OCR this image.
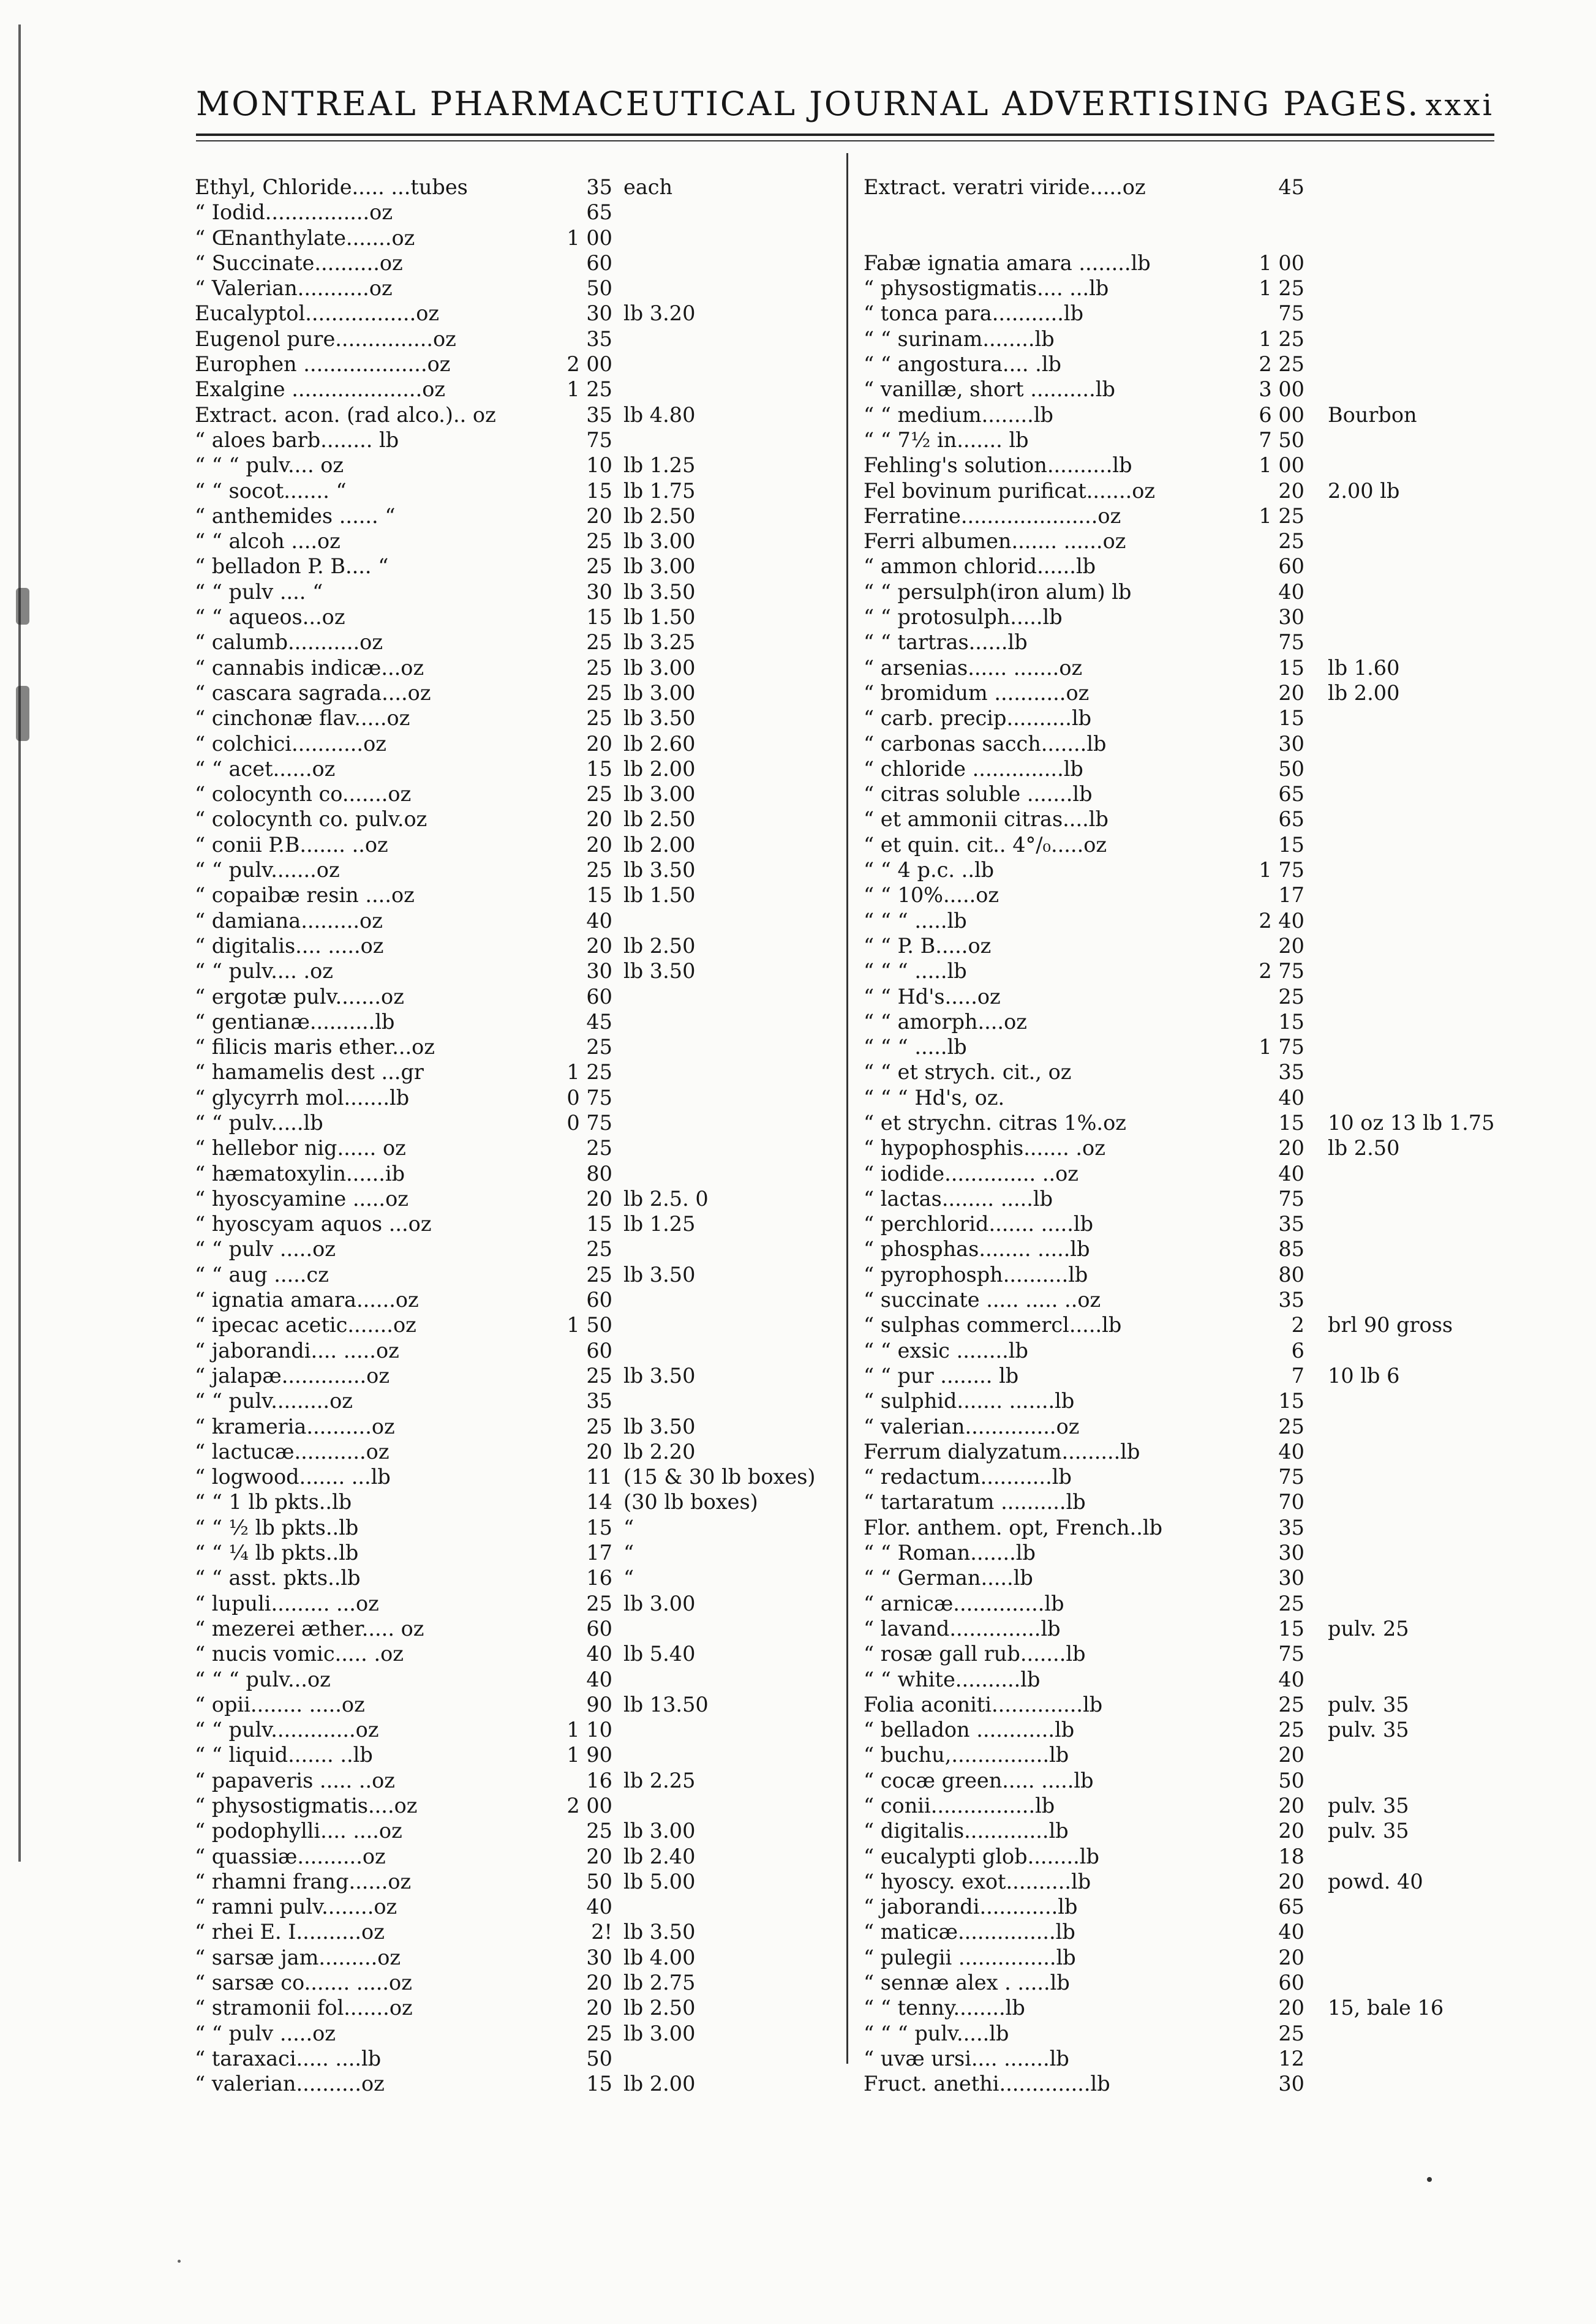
MONTREAL PHARMACEUTICAL JOURNAL ADVERTISING PAGES. xxxi
Ethyl, Chloride..... ...tubes	35 each
“ Iodid................oz	65
“ Œnanthylate.......oz	1 00
“ Succinate..........oz	60
“ Valerian...........oz	50
Eucalyptol.................oz	30 lb 3.20
Eugenol pure...............oz	35
Europhen ...................oz	2 00
Exalgine ....................oz	1 25
Extract. acon. (rad alco.).. oz	35 lb 4.80
“ aloes barb........ lb	75
“ “ “ pulv.... oz	10 lb 1.25
“ “ socot....... “	15 lb 1.75
“ anthemides ...... “	20 lb 2.50
“ “ alcoh ....oz	25 lb 3.00
“ belladon P. B.... “	25 lb 3.00
“ “ pulv .... “	30 lb 3.50
“ “ aqueos...oz	15 lb 1.50
“ calumb...........oz	25 lb 3.25
“ cannabis indicæ...oz	25 lb 3.00
“ cascara sagrada....oz	25 lb 3.00
“ cinchonæ flav.....oz	25 lb 3.50
“ colchici...........oz	20 lb 2.60
“ “ acet......oz	15 lb 2.00
“ colocynth co.......oz	25 lb 3.00
“ colocynth co. pulv.oz	20 lb 2.50
“ conii P.B....... ..oz	20 lb 2.00
“ “ pulv.......oz	25 lb 3.50
“ copaibæ resin ....oz	15 lb 1.50
“ damiana.........oz	40
“ digitalis.... .....oz	20 lb 2.50
“ “ pulv.... .oz	30 lb 3.50
“ ergotæ pulv.......oz	60
“ gentianæ..........lb	45
“ filicis maris ether...oz	25
“ hamamelis dest ...gr	1 25
“ glycyrrh mol.......lb	0 75
“ “ pulv.....lb	0 75
“ hellebor nig...... oz	25
“ hæmatoxylin......ib	80
“ hyoscyamine .....oz	20 lb 2.5. 0
“ hyoscyam aquos ...oz	15 lb 1.25
“ “ pulv .....oz	25
“ “ aug .....cz	25 lb 3.50
“ ignatia amara......oz	60
“ ipecac acetic.......oz	1 50
“ jaborandi.... .....oz	60
“ jalapæ.............oz	25 lb 3.50
“ “ pulv.........oz	35
“ krameria..........oz	25 lb 3.50
“ lactucæ...........oz	20 lb 2.20
“ logwood....... ...lb	11 (15 & 30 lb boxes)
“ “ 1 lb pkts..lb	14 (30 lb boxes)
“ “ ½ lb pkts..lb	15 “
“ “ ¼ lb pkts..lb	17 “
“ “ asst. pkts..lb	16 “
“ lupuli......... ...oz	25 lb 3.00
“ mezerei æther..... oz	60
“ nucis vomic..... .oz	40 lb 5.40
“ “ “ pulv...oz	40
“ opii........ .....oz	90 lb 13.50
“ “ pulv.............oz	1 10
“ “ liquid....... ..lb	1 90
“ papaveris ..... ..oz	16 lb 2.25
“ physostigmatis....oz	2 00
“ podophylli.... ....oz	25 lb 3.00
“ quassiæ..........oz	20 lb 2.40
“ rhamni frang......oz	50 lb 5.00
“ ramni pulv........oz	40
“ rhei E. I..........oz	2! lb 3.50
“ sarsæ jam.........oz	30 lb 4.00
“ sarsæ co....... .....oz	20 lb 2.75
“ stramonii fol.......oz	20 lb 2.50
“ “ pulv .....oz	25 lb 3.00
“ taraxaci..... ....lb	50
“ valerian..........oz	15 lb 2.00
Extract. veratri viride.....oz	45
Fabæ ignatia amara ........lb	1 00
“ physostigmatis.... ...lb	1 25
“ tonca para...........lb	75
“ “ surinam........lb	1 25
“ “ angostura.... .lb	2 25
“ vanillæ, short ..........lb	3 00
“ “ medium........lb	6 00	Bourbon
“ “ 7½ in....... lb	7 50
Fehling's solution..........lb	1 00
Fel bovinum purificat.......oz	20	2.00 lb
Ferratine.....................oz	1 25
Ferri albumen....... ......oz	25
“ ammon chlorid......lb	60
“ “ persulph(iron alum) lb	40
“ “ protosulph.....lb	30
“ “ tartras......lb	75
“ arsenias...... .......oz	15	lb 1.60
“ bromidum ...........oz	20	lb 2.00
“ carb. precip..........lb	15
“ carbonas sacch.......lb	30
“ chloride ..............lb	50
“ citras soluble .......lb	65
“ et ammonii citras....lb	65
“ et quin. cit.. 4°/₀.....oz	15
“ “ 4 p.c. ..lb	1 75
“ “ 10%.....oz	17
“ “ “ .....lb	2 40
“ “ P. B.....oz	20
“ “ “ .....lb	2 75
“ “ Hd's.....oz	25
“ “ amorph....oz	15
“ “ “ .....lb	1 75
“ “ et strych. cit., oz	35
“ “ “ Hd's, oz.	40
“ et strychn. citras 1%.oz	15	10 oz 13 lb 1.75
“ hypophosphis....... .oz	20	lb 2.50
“ iodide.............. ..oz	40
“ lactas........ .....lb	75
“ perchlorid....... .....lb	35
“ phosphas........ .....lb	85
“ pyrophosph..........lb	80
“ succinate ..... ..... ..oz	35
“ sulphas commercl.....lb	2	brl 90 gross
“ “ exsic ........lb	6
“ “ pur ........ lb	7	10 lb 6
“ sulphid....... .......lb	15
“ valerian..............oz	25
Ferrum dialyzatum.........lb	40
“ redactum...........lb	75
“ tartaratum ..........lb	70
Flor. anthem. opt, French..lb	35
“ “ Roman.......lb	30
“ “ German.....lb	30
“ arnicæ..............lb	25
“ lavand..............lb	15	pulv. 25
“ rosæ gall rub.......lb	75
“ “ white..........lb	40
Folia aconiti..............lb	25	pulv. 35
“ belladon ............lb	25	pulv. 35
“ buchu,...............lb	20
“ cocæ green..... .....lb	50
“ conii................lb	20	pulv. 35
“ digitalis.............lb	20	pulv. 35
“ eucalypti glob........lb	18
“ hyoscy. exot..........lb	20	powd. 40
“ jaborandi............lb	65
“ maticæ...............lb	40
“ pulegii ...............lb	20
“ sennæ alex . .....lb	60
“ “ tenny........lb	20	15, bale 16
“ “ “ pulv.....lb	25
“ uvæ ursi.... .......lb	12
Fruct. anethi..............lb	30
